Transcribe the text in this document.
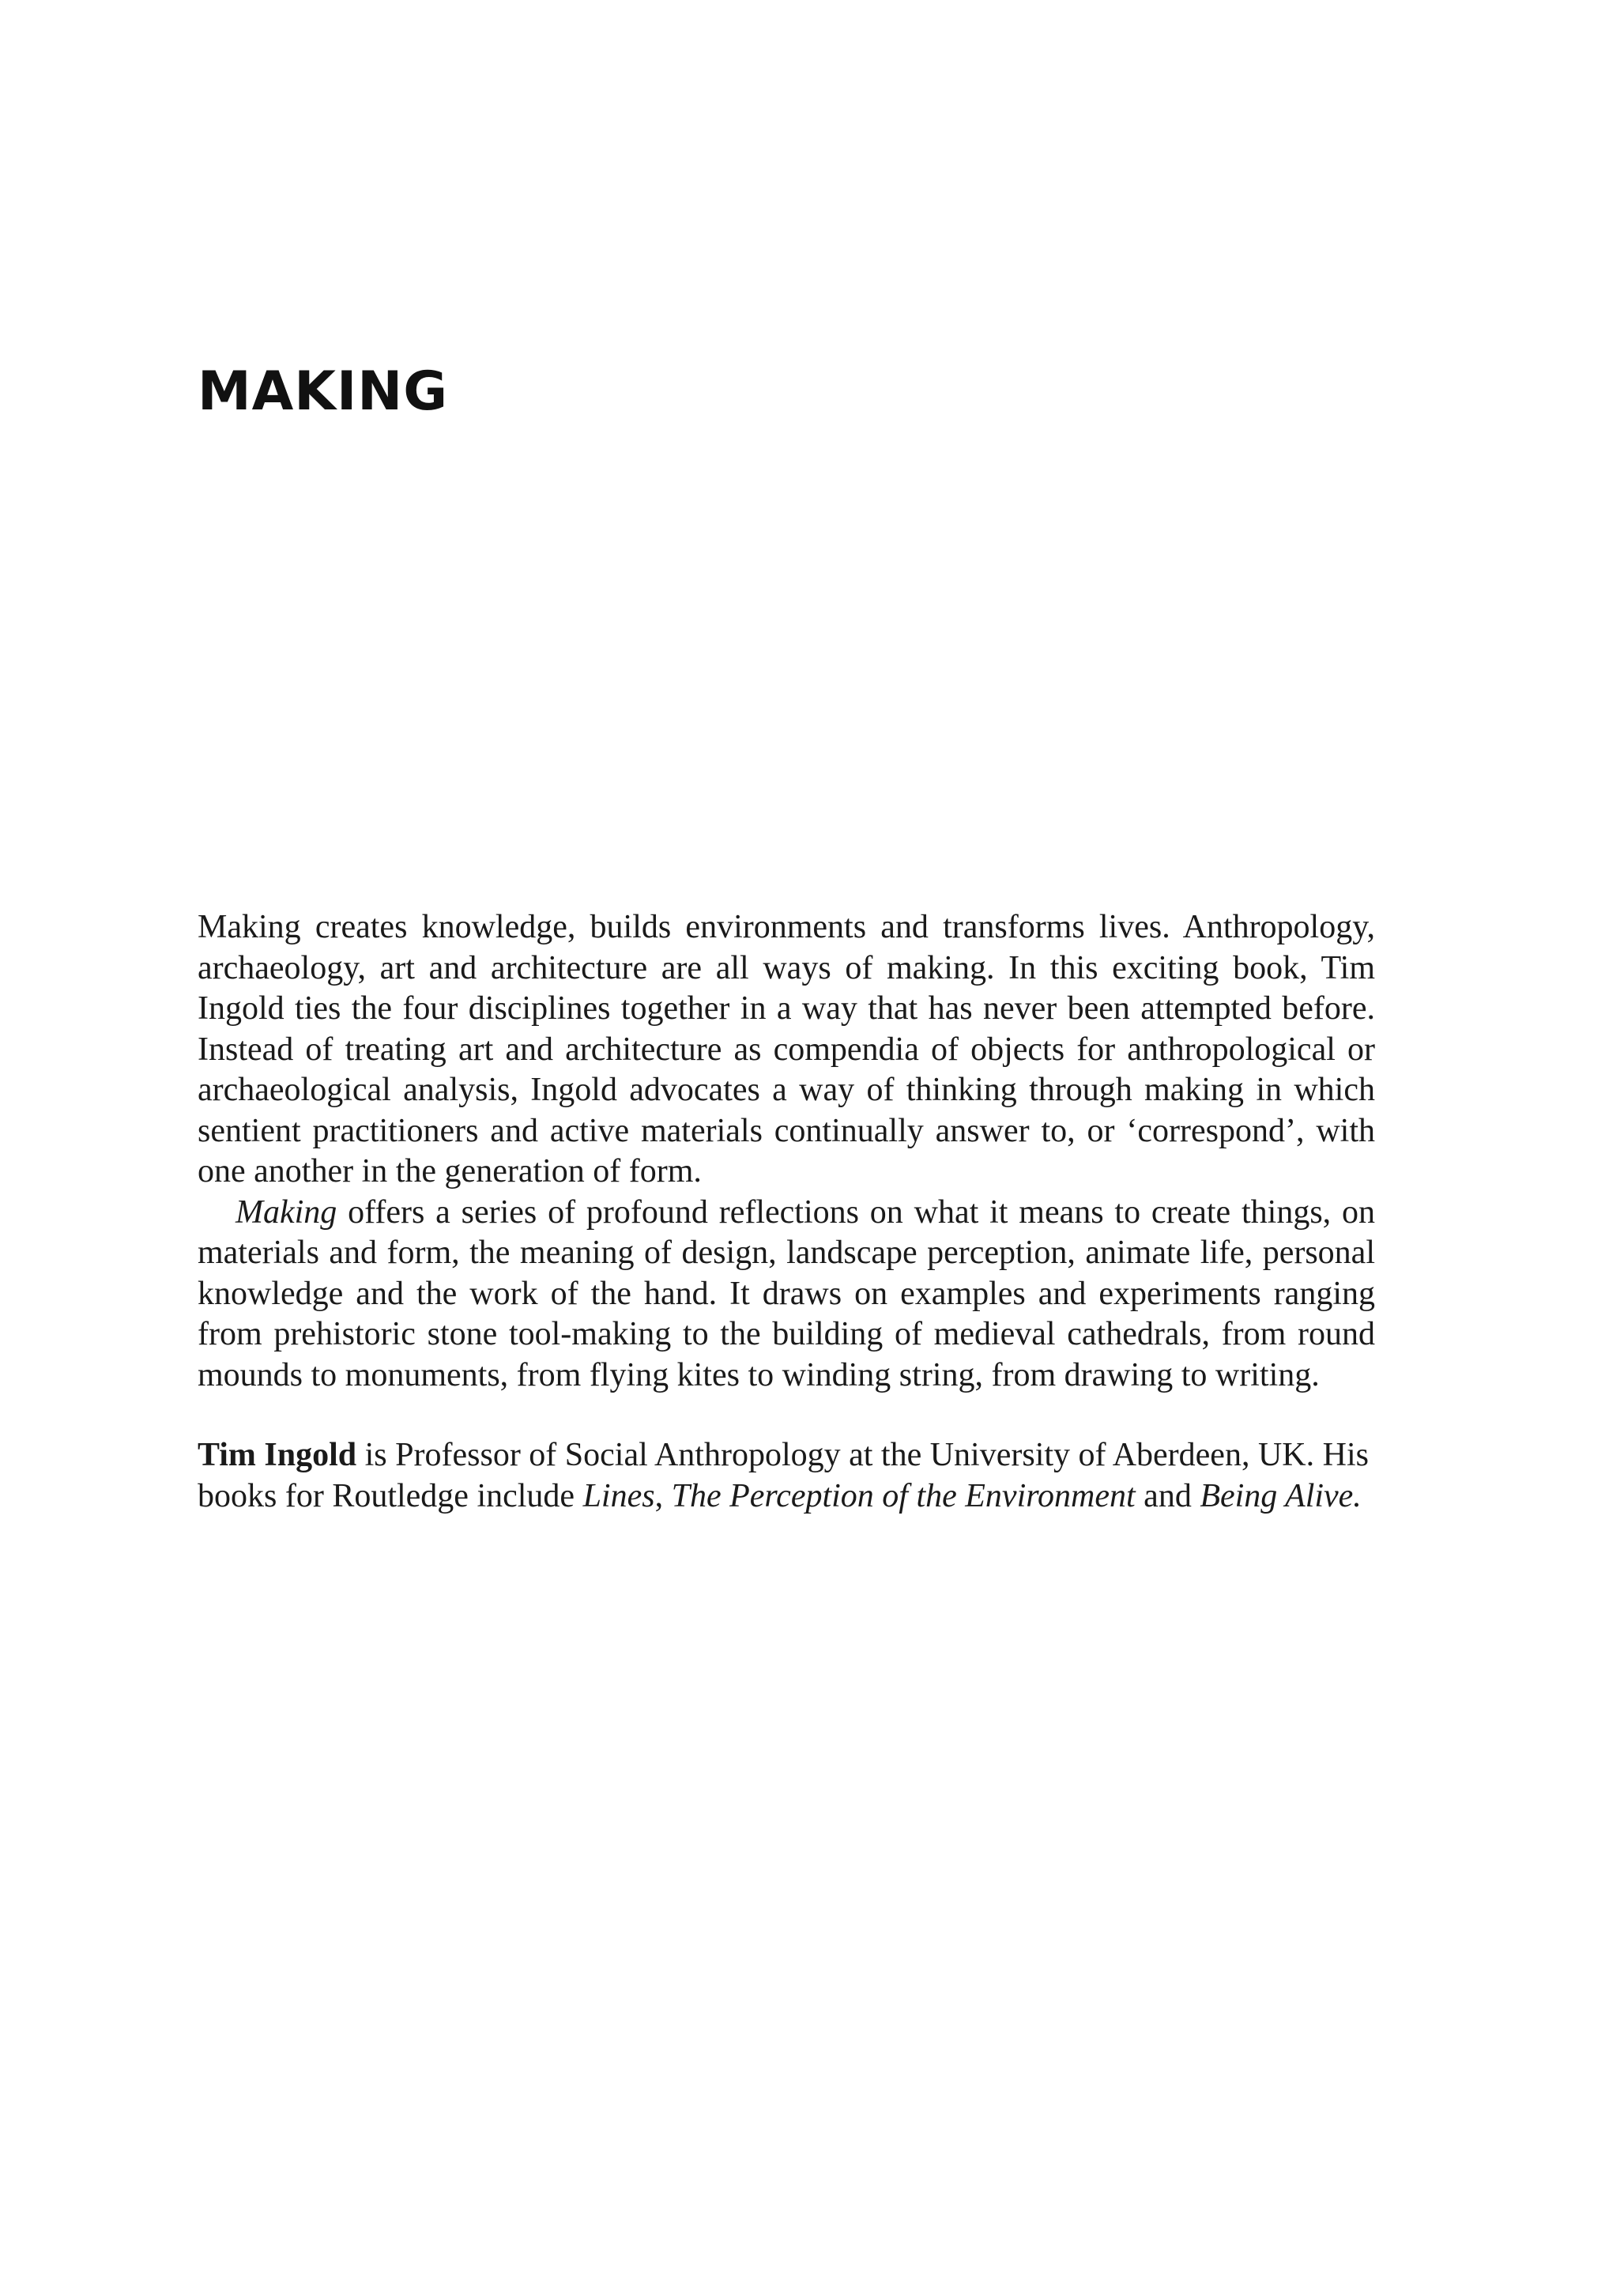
MAKING

Making creates knowledge, builds environments and transforms lives. Anthropology, archaeology, art and architecture are all ways of making. In this exciting book, Tim Ingold ties the four disciplines together in a way that has never been attempted before. Instead of treating art and architecture as compendia of objects for anthropological or archaeological analysis, Ingold advocates a way of thinking through making in which sentient practitioners and active materials continually answer to, or ‘correspond’, with one another in the generation of form.

Making offers a series of profound reflections on what it means to create things, on materials and form, the meaning of design, landscape perception, animate life, personal knowledge and the work of the hand. It draws on examples and experiments ranging from prehistoric stone tool-making to the building of medieval cathedrals, from round mounds to monuments, from flying kites to winding string, from drawing to writing.

Tim Ingold is Professor of Social Anthropology at the University of Aberdeen, UK. His books for Routledge include Lines, The Perception of the Environment and Being Alive.
